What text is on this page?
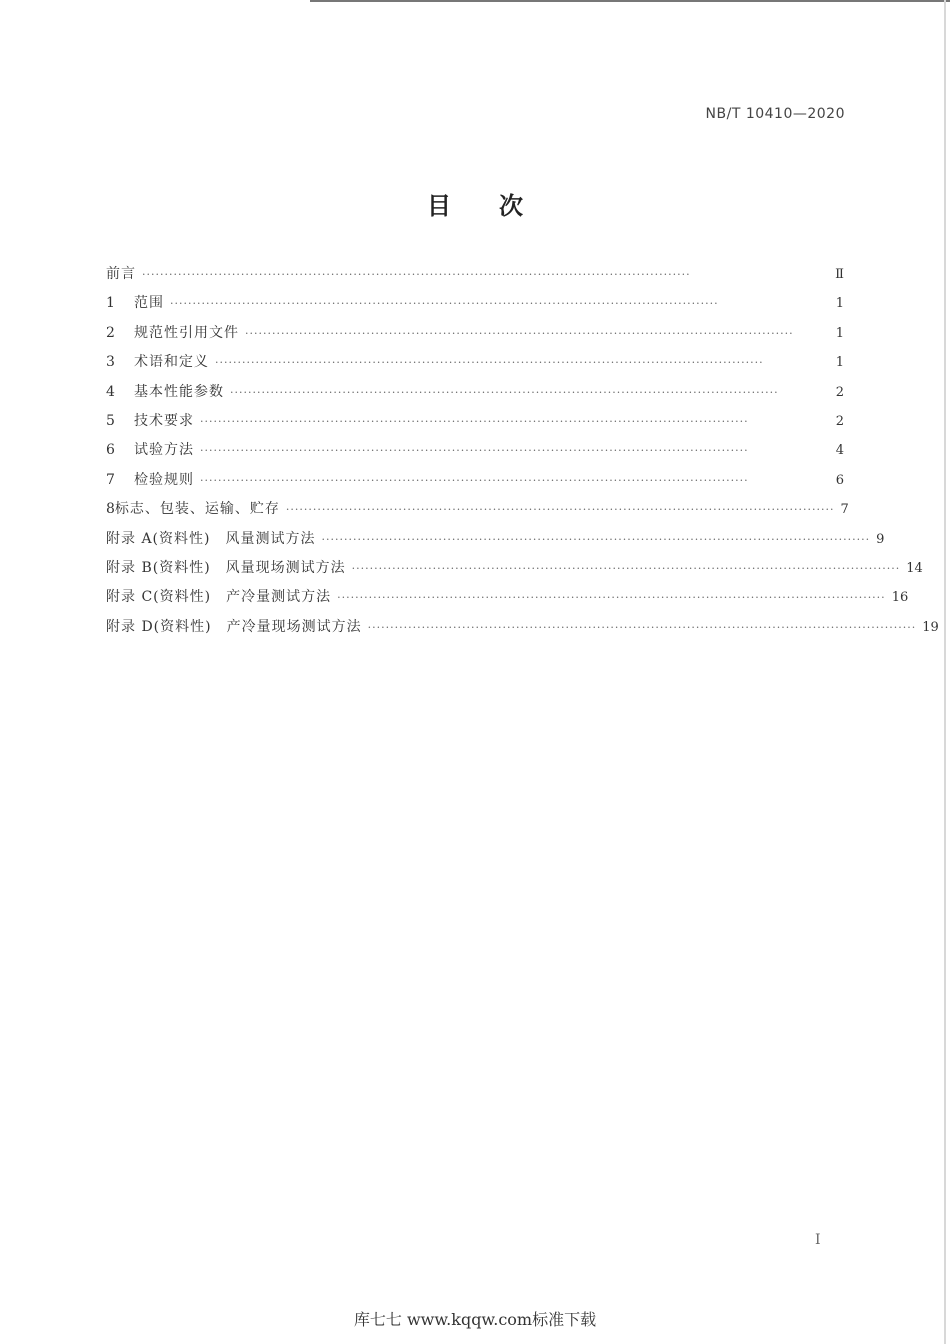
NB/T 10410—2020
目次
前言 ··························································································································	Ⅱ
1	范围 ··························································································································	1
2	规范性引用文件 ··························································································································	1
3	术语和定义 ··························································································································	1
4	基本性能参数 ··························································································································	2
5	技术要求 ··························································································································	2
6	试验方法 ··························································································································	4
7	检验规则 ··························································································································	6
8 标志、包装、运输、贮存 ·························································································································· 7
附录 A(资料性)　风量测试方法 ·························································································································· 9
附录 B(资料性)　风量现场测试方法 ·························································································································· 14
附录 C(资料性)　产冷量测试方法 ·························································································································· 16
附录 D(资料性)　产冷量现场测试方法 ·························································································································· 19
I
库七七 www.kqqw.com标准下载
